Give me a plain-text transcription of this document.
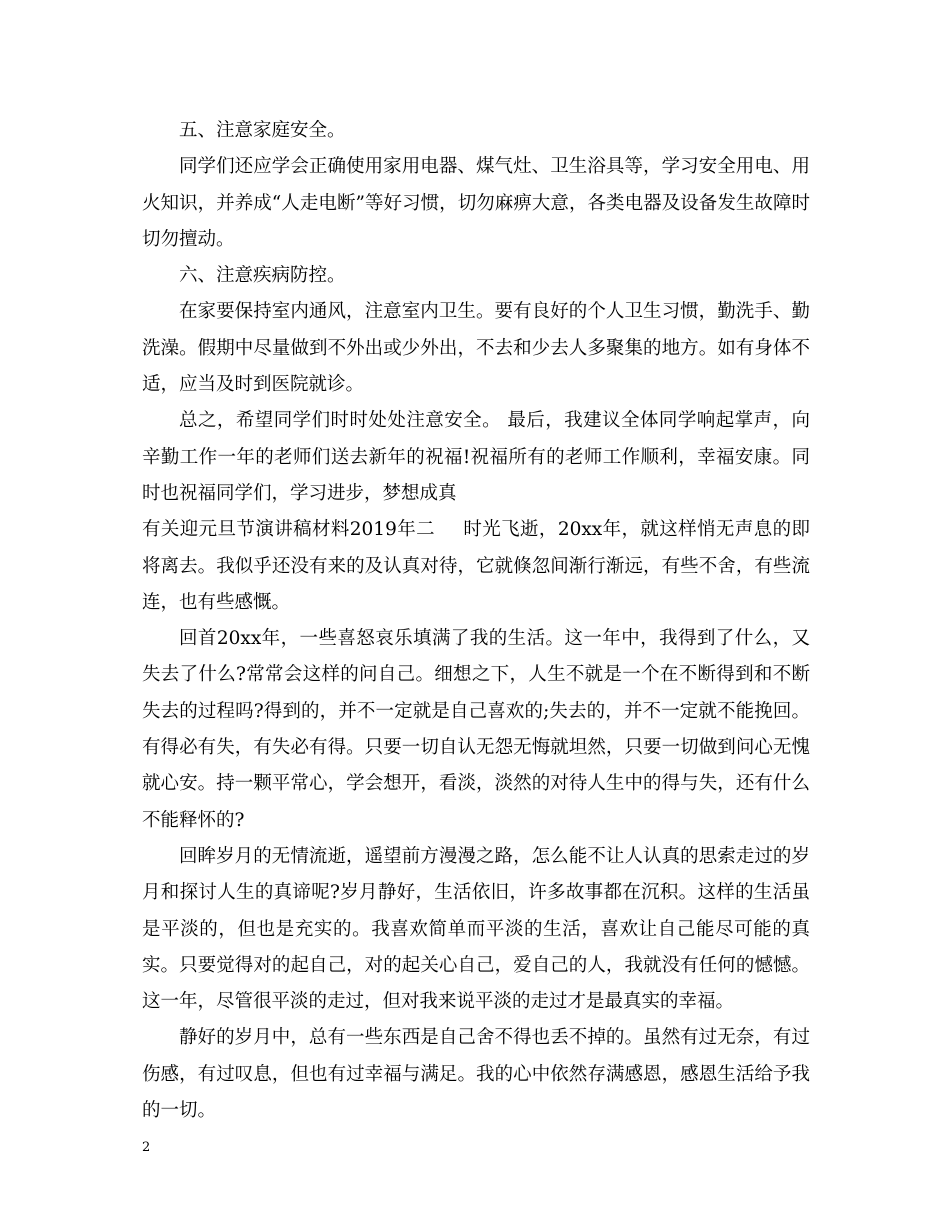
五、注意家庭安全。

同学们还应学会正确使用家用电器、煤气灶、卫生浴具等，学习安全用电、用火知识，并养成“人走电断”等好习惯，切勿麻痹大意，各类电器及设备发生故障时切勿擅动。

六、注意疾病防控。

在家要保持室内通风，注意室内卫生。要有良好的个人卫生习惯，勤洗手、勤洗澡。假期中尽量做到不外出或少外出，不去和少去人多聚集的地方。如有身体不适，应当及时到医院就诊。

总之，希望同学们时时处处注意安全。 最后，我建议全体同学响起掌声，向辛勤工作一年的老师们送去新年的祝福!祝福所有的老师工作顺利，幸福安康。同时也祝福同学们，学习进步，梦想成真

有关迎元旦节演讲稿材料2019年二 时光飞逝，20xx年，就这样悄无声息的即将离去。我似乎还没有来的及认真对待，它就倏忽间渐行渐远，有些不舍，有些流连，也有些感慨。

回首20xx年，一些喜怒哀乐填满了我的生活。这一年中，我得到了什么，又失去了什么?常常会这样的问自己。细想之下，人生不就是一个在不断得到和不断失去的过程吗?得到的，并不一定就是自己喜欢的;失去的，并不一定就不能挽回。有得必有失，有失必有得。只要一切自认无怨无悔就坦然，只要一切做到问心无愧就心安。持一颗平常心，学会想开，看淡，淡然的对待人生中的得与失，还有什么不能释怀的?

回眸岁月的无情流逝，遥望前方漫漫之路，怎么能不让人认真的思索走过的岁月和探讨人生的真谛呢?岁月静好，生活依旧，许多故事都在沉积。这样的生活虽是平淡的，但也是充实的。我喜欢简单而平淡的生活，喜欢让自己能尽可能的真实。只要觉得对的起自己，对的起关心自己，爱自己的人，我就没有任何的憾憾。这一年，尽管很平淡的走过，但对我来说平淡的走过才是最真实的幸福。

静好的岁月中，总有一些东西是自己舍不得也丢不掉的。虽然有过无奈，有过伤感，有过叹息，但也有过幸福与满足。我的心中依然存满感恩，感恩生活给予我的一切。

2
